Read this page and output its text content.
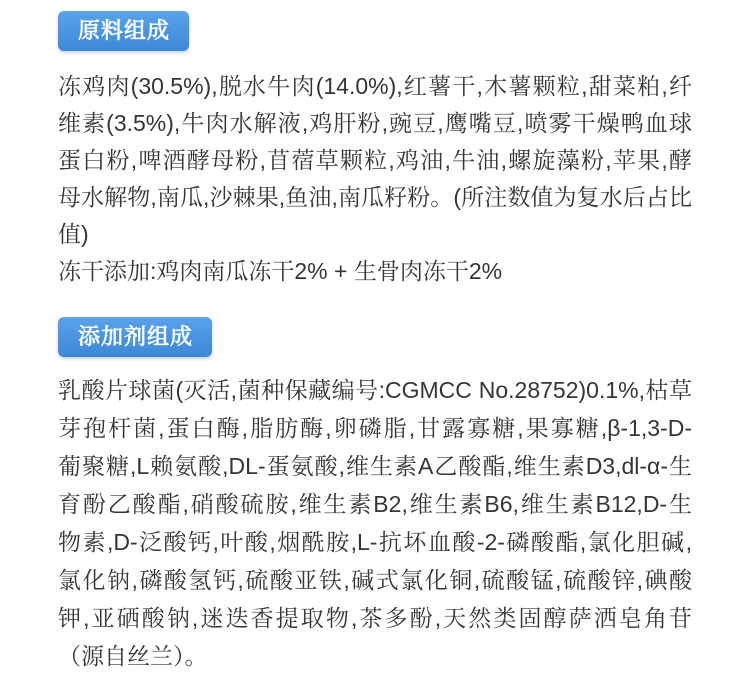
原料组成
冻鸡肉(30.5%),脱水牛肉(14.0%),红薯干,木薯颗粒,甜菜粕,纤
维素(3.5%),牛肉水解液,鸡肝粉,豌豆,鹰嘴豆,喷雾干燥鸭血球
蛋白粉,啤酒酵母粉,苜蓿草颗粒,鸡油,牛油,螺旋藻粉,苹果,酵
母水解物,南瓜,沙棘果,鱼油,南瓜籽粉。(所注数值为复水后占比
值)
冻干添加:鸡肉南瓜冻干2% + 生骨肉冻干2%
添加剂组成
乳酸片球菌(灭活,菌种保藏编号:CGMCC No.28752)0.1%,枯草
芽孢杆菌,蛋白酶,脂肪酶,卵磷脂,甘露寡糖,果寡糖,β-1,3-D-
葡聚糖,L赖氨酸,DL-蛋氨酸,维生素A乙酸酯,维生素D3,dl-α-生
育酚乙酸酯,硝酸硫胺,维生素B2,维生素B6,维生素B12,D-生
物素,D-泛酸钙,叶酸,烟酰胺,L-抗坏血酸-2-磷酸酯,氯化胆碱,
氯化钠,磷酸氢钙,硫酸亚铁,碱式氯化铜,硫酸锰,硫酸锌,碘酸
钾,亚硒酸钠,迷迭香提取物,茶多酚,天然类固醇萨洒皂角苷
（源自丝兰）。
